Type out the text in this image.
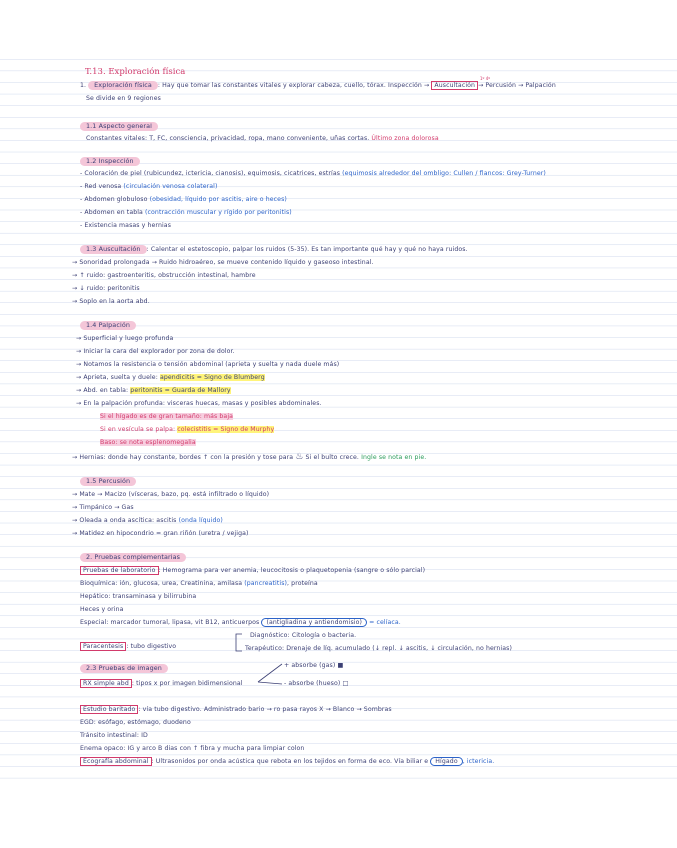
T.13. Exploración física
1. Exploración física : Hay que tomar las constantes vitales y explorar cabeza, cuello, tórax. Inspección → Auscultación → Percusión → Palpación
1º 4º
Se divide en 9 regiones
1.1 Aspecto general
Constantes vitales: T, FC, consciencia, privacidad, ropa, mano conveniente, uñas cortas. Último zona dolorosa
1.2 Inspección
- Coloración de piel (rubicundez, ictericia, cianosis), equimosis, cicatrices, estrías (equimosis alrededor del ombligo: Cullen / flancos: Grey-Turner)
- Red venosa (circulación venosa colateral)
- Abdomen globuloso (obesidad, líquido por ascitis, aire o heces)
- Abdomen en tabla (contracción muscular y rígido por peritonitis)
- Existencia masas y hernias
1.3 Auscultación : Calentar el estetoscopio, palpar los ruidos (5-35). Es tan importante qué hay y qué no haya ruidos.
→ Sonoridad prolongada → Ruido hidroaéreo, se mueve contenido líquido y gaseoso intestinal.
→ ↑ ruido: gastroenteritis, obstrucción intestinal, hambre
→ ↓ ruido: peritonitis
→ Soplo en la aorta abd.
1.4 Palpación
→ Superficial y luego profunda
→ Iniciar la cara del explorador por zona de dolor.
→ Notamos la resistencia o tensión abdominal (aprieta y suelta y nada duele más)
→ Aprieta, suelta y duele: apendicitis = Signo de Blumberg
→ Abd. en tabla: peritonitis = Guarda de Mallory
→ En la palpación profunda: visceras huecas, masas y posibles abdominales.
Si el hígado es de gran tamaño: más baja
Si en vesícula se palpa: colecistitis = Signo de Murphy
Baso: se nota esplenomegalia
→ Hernias: donde hay constante, bordes ↑ con la presión y tose para ♨ Si el bulto crece. Ingle se nota en pie.
1.5 Percusión
→ Mate → Macizo (vísceras, bazo, pq. está infiltrado o líquido)
→ Timpánico → Gas
→ Oleada a onda ascítica: ascitis (onda líquido)
→ Matidez en hipocondrio = gran riñón (uretra / vejiga)
2. Pruebas complementarias
Pruebas de laboratorio : Hemograma para ver anemia, leucocitosis o plaquetopenia (sangre o sólo parcial)
Bioquímica: ión, glucosa, urea, Creatinina, amilasa (pancreatitis), proteína
Hepático: transaminasa y bilirrubina
Heces y orina
Especial: marcador tumoral, lipasa, vit B12, anticuerpos (antigliadina y antiendomisio) = celíaca.
Diagnóstico: Citología o bacteria.
Paracentesis : tubo digestivo	Terapéutico: Drenaje de líq. acumulado (↓ repl. ↓ ascitis, ↓ circulación, no hernias)
2.3 Pruebas de imagen	+ absorbe (gas) ■
RX simple abd : tipos x por imagen bidimensional	- absorbe (hueso) □
Estudio baritado : vía tubo digestivo. Administrado bario → ro pasa rayos X → Blanco → Sombras
EGD: esófago, estómago, duodeno
Tránsito intestinal: ID
Enema opaco: IG y arco B dias con ↑ fibra y mucha para limpiar colon
Ecografía abdominal : Ultrasonidos por onda acústica que rebota en los tejidos en forma de eco. Vía biliar e Hígado , ictericia.
